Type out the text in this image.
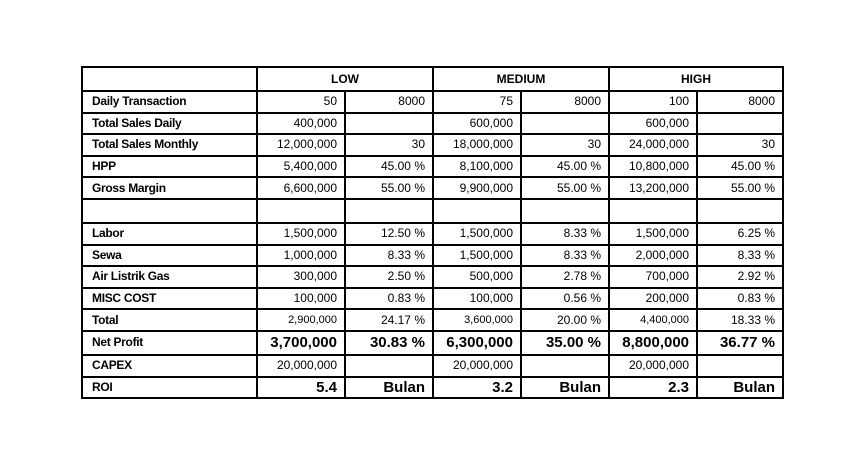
	LOW		MEDIUM		HIGH	
Daily Transaction	50	8000	75	8000	100	8000
Total Sales Daily	400,000		600,000		600,000	
Total Sales Monthly	12,000,000	30	18,000,000	30	24,000,000	30
HPP	5,400,000	45.00 %	8,100,000	45.00 %	10,800,000	45.00 %
Gross Margin	6,600,000	55.00 %	9,900,000	55.00 %	13,200,000	55.00 %

Labor	1,500,000	12.50 %	1,500,000	8.33 %	1,500,000	6.25 %
Sewa	1,000,000	8.33 %	1,500,000	8.33 %	2,000,000	8.33 %
Air Listrik Gas	300,000	2.50 %	500,000	2.78 %	700,000	2.92 %
MISC COST	100,000	0.83 %	100,000	0.56 %	200,000	0.83 %
Total	2,900,000	24.17 %	3,600,000	20.00 %	4,400,000	18.33 %
Net Profit	3,700,000	30.83 %	6,300,000	35.00 %	8,800,000	36.77 %
CAPEX	20,000,000		20,000,000		20,000,000	
ROI	5.4	Bulan	3.2	Bulan	2.3	Bulan
